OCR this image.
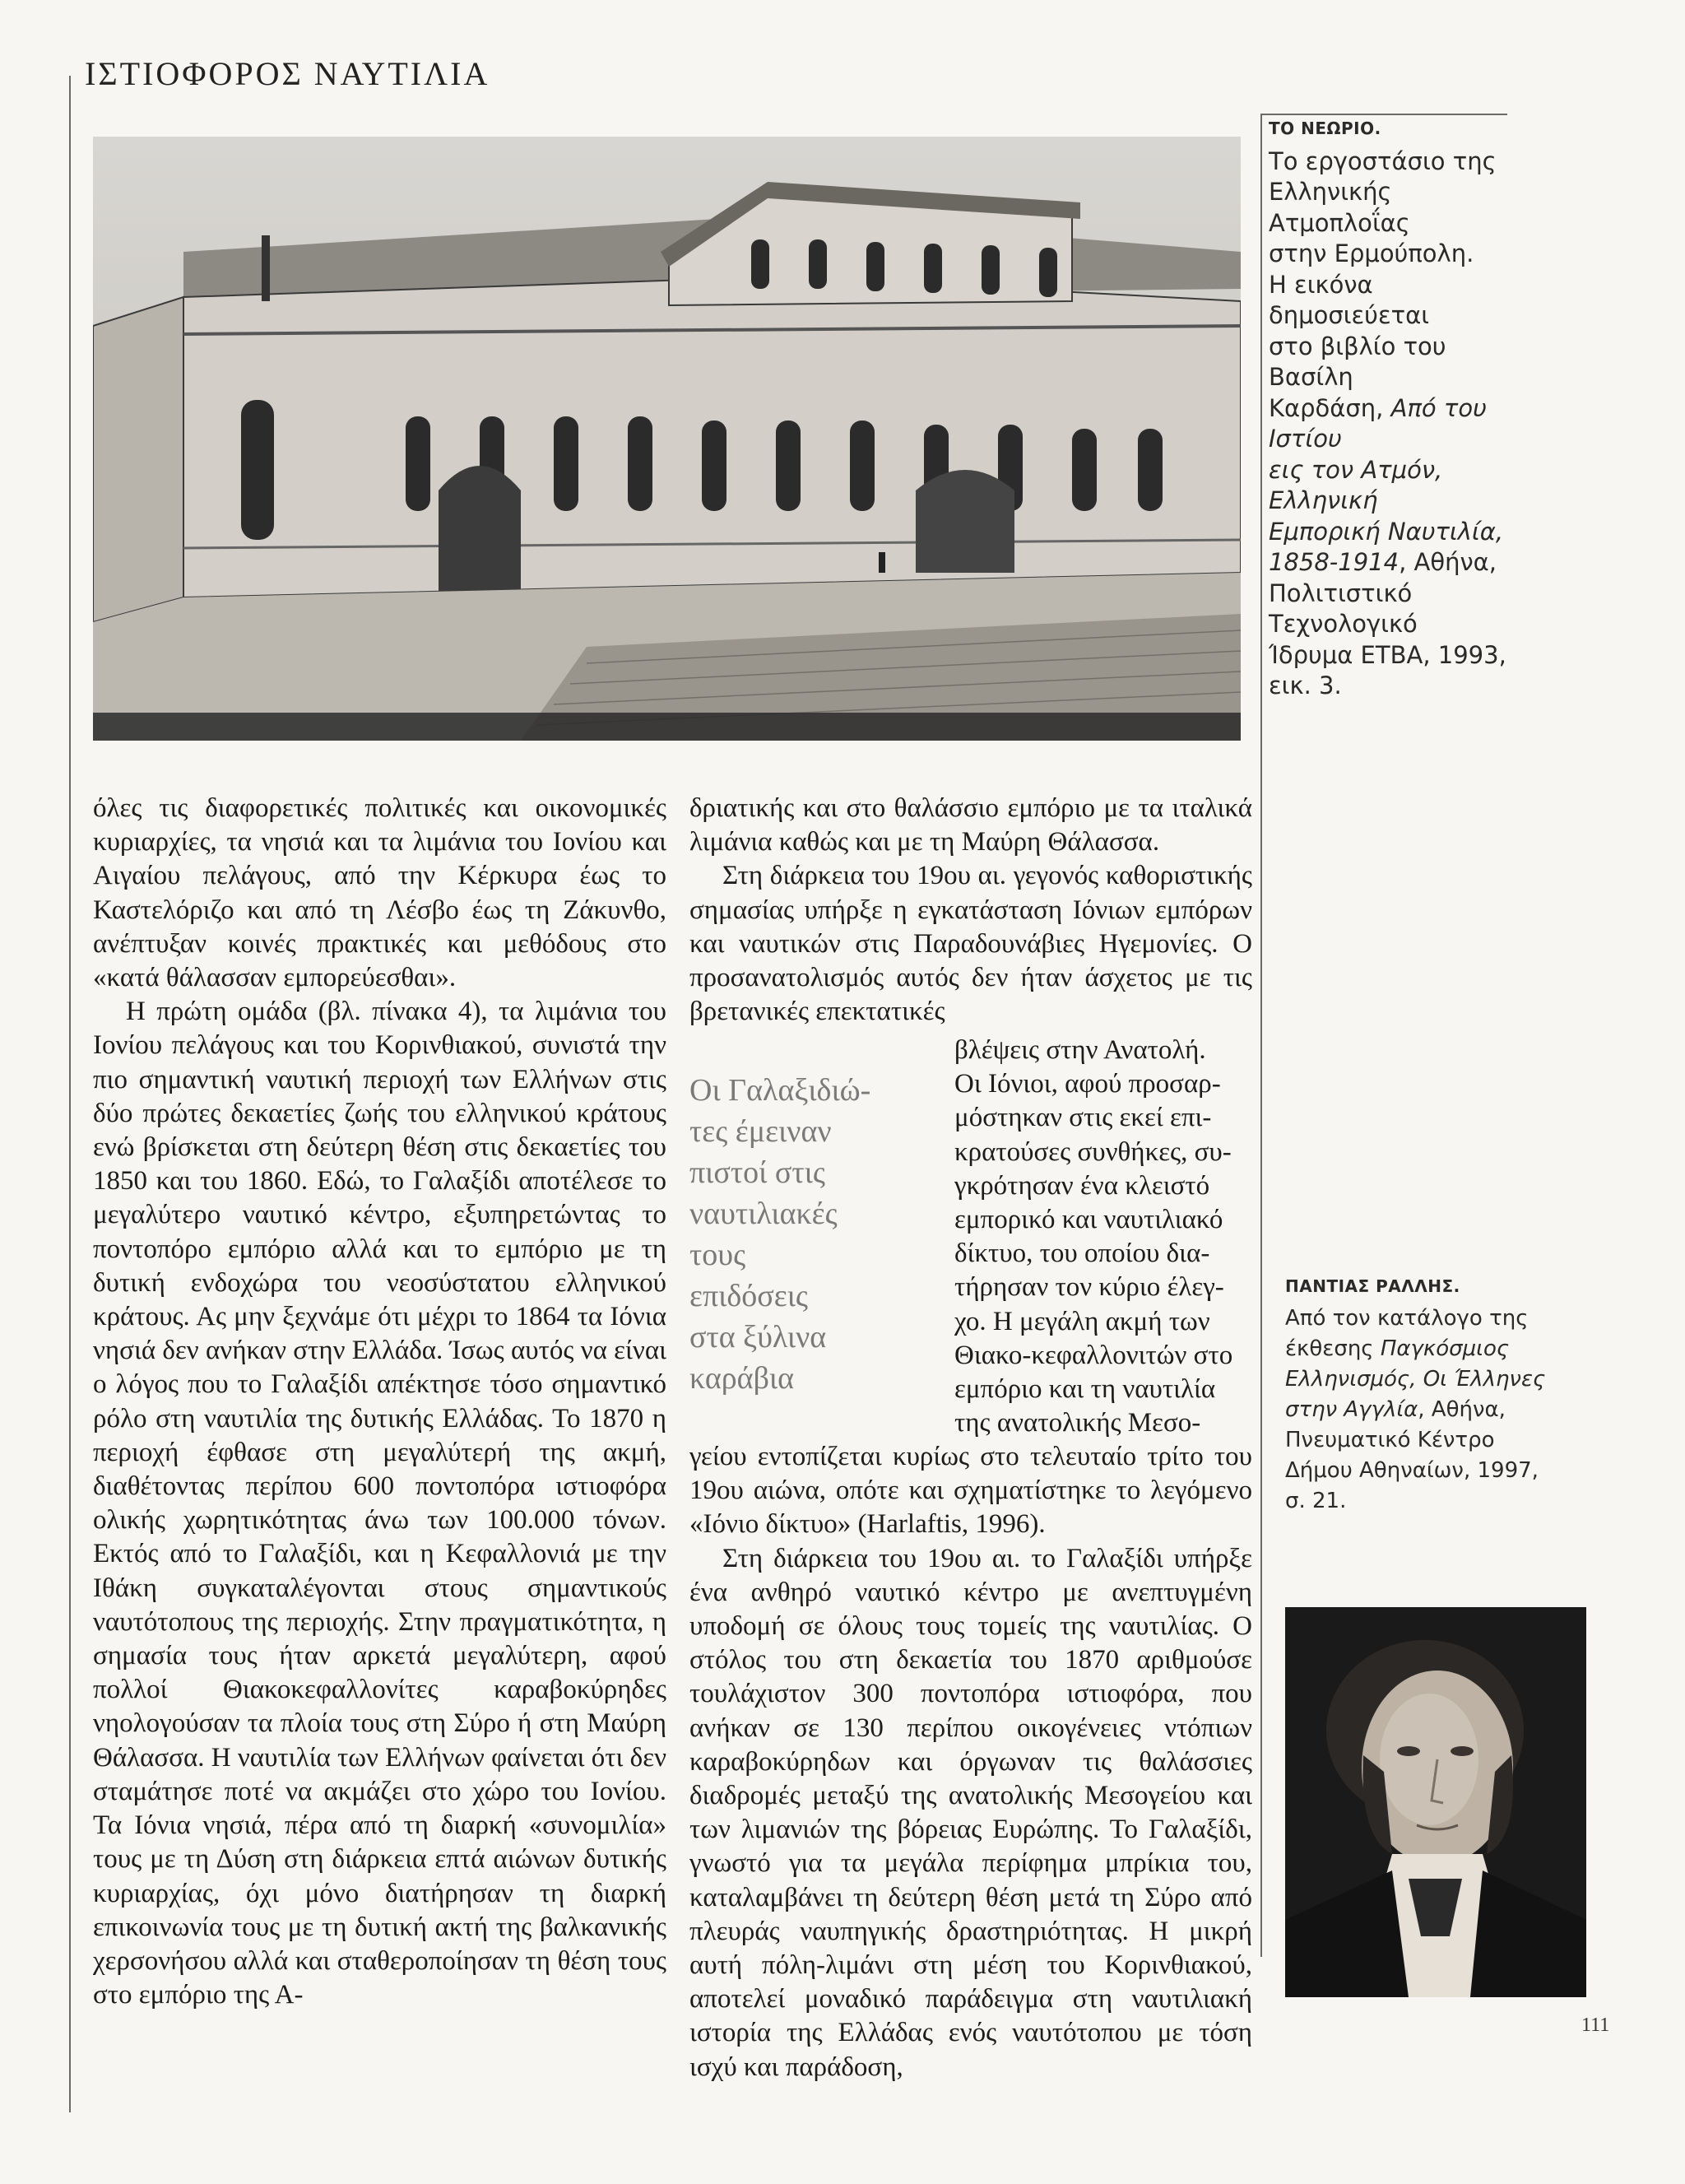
ΙΣΤΙΟΦΟΡΟΣ ΝΑΥΤΙΛΙΑ
ΤΟ ΝΕΩΡΙΟ.
Το εργοστάσιο της
Ελληνικής Ατμοπλοΐας
στην Ερμούπολη.
Η εικόνα δημοσιεύεται
στο βιβλίο του Βασίλη
Καρδάση, Από του Ιστίου
εις τον Ατμόν, Ελληνική
Εμπορική Ναυτιλία,
1858-1914, Αθήνα,
Πολιτιστικό Τεχνολογικό
Ίδρυμα ΕΤΒΑ, 1993,
εικ. 3.

όλες τις διαφορετικές πολιτικές και οικονομικές κυριαρχίες, τα νησιά και τα λιμάνια του Ιονίου και Αιγαίου πελάγους, από την Κέρκυρα έως το Καστελόριζο και από τη Λέσβο έως τη Ζάκυνθο, ανέπτυξαν κοινές πρακτικές και μεθόδους στο «κατά θάλασσαν εμπορεύεσθαι».

Η πρώτη ομάδα (βλ. πίνακα 4), τα λιμάνια του Ιονίου πελάγους και του Κορινθιακού, συνιστά την πιο σημαντική ναυτική περιοχή των Ελλήνων στις δύο πρώτες δεκαετίες ζωής του ελληνικού κράτους ενώ βρίσκεται στη δεύτερη θέση στις δεκαετίες του 1850 και του 1860. Εδώ, το Γαλαξίδι αποτέλεσε το μεγαλύτερο ναυτικό κέντρο, εξυπηρετώντας το ποντοπόρο εμπόριο αλλά και το εμπόριο με τη δυτική ενδοχώρα του νεοσύστατου ελληνικού κράτους. Ας μην ξεχνάμε ότι μέχρι το 1864 τα Ιόνια νησιά δεν ανήκαν στην Ελλάδα. Ίσως αυτός να είναι ο λόγος που το Γαλαξίδι απέκτησε τόσο σημαντικό ρόλο στη ναυτιλία της δυτικής Ελλάδας. Το 1870 η περιοχή έφθασε στη μεγαλύτερή της ακμή, διαθέτοντας περίπου 600 ποντοπόρα ιστιοφόρα ολικής χωρητικότητας άνω των 100.000 τόνων. Εκτός από το Γαλαξίδι, και η Κεφαλλονιά με την Ιθάκη συγκαταλέγονται στους σημαντικούς ναυτότοπους της περιοχής. Στην πραγματικότητα, η σημασία τους ήταν αρκετά μεγαλύτερη, αφού πολλοί Θιακοκεφαλλονίτες καραβοκύρηδες νηολογούσαν τα πλοία τους στη Σύρο ή στη Μαύρη Θάλασσα. Η ναυτιλία των Ελλήνων φαίνεται ότι δεν σταμάτησε ποτέ να ακμάζει στο χώρο του Ιονίου. Τα Ιόνια νησιά, πέρα από τη διαρκή «συνομιλία» τους με τη Δύση στη διάρκεια επτά αιώνων δυτικής κυριαρχίας, όχι μόνο διατήρησαν τη διαρκή επικοινωνία τους με τη δυτική ακτή της βαλκανικής χερσονήσου αλλά και σταθεροποίησαν τη θέση τους στο εμπόριο της Α-

δριατικής και στο θαλάσσιο εμπόριο με τα ιταλικά λιμάνια καθώς και με τη Μαύρη Θάλασσα.

Στη διάρκεια του 19ου αι. γεγονός καθοριστικής σημασίας υπήρξε η εγκατάσταση Ιόνιων εμπόρων και ναυτικών στις Παραδουνάβιες Ηγεμονίες. Ο προσανατολισμός αυτός δεν ήταν άσχετος με τις βρετανικές επεκτατικές

Οι Γαλαξιδιώ-
τες έμειναν
πιστοί στις
ναυτιλιακές
τους
επιδόσεις
στα ξύλινα
καράβια
βλέψεις στην Ανατολή.
Οι Ιόνιοι, αφού προσαρ-
μόστηκαν στις εκεί επι-
κρατούσες συνθήκες, συ-
γκρότησαν ένα κλειστό
εμπορικό και ναυτιλιακό
δίκτυο, του οποίου δια-
τήρησαν τον κύριο έλεγ-
χο. Η μεγάλη ακμή των
Θιακο-κεφαλλονιτών στο
εμπόριο και τη ναυτιλία
της ανατολικής Μεσο-

γείου εντοπίζεται κυρίως στο τελευταίο τρίτο του 19ου αιώνα, οπότε και σχηματίστηκε το λεγόμενο «Ιόνιο δίκτυο» (Harlaftis, 1996).

Στη διάρκεια του 19ου αι. το Γαλαξίδι υπήρξε ένα ανθηρό ναυτικό κέντρο με ανεπτυγμένη υποδομή σε όλους τους τομείς της ναυτιλίας. Ο στόλος του στη δεκαετία του 1870 αριθμούσε τουλάχιστον 300 ποντοπόρα ιστιοφόρα, που ανήκαν σε 130 περίπου οικογένειες ντόπιων καραβοκύρηδων και όργωναν τις θαλάσσιες διαδρομές μεταξύ της ανατολικής Μεσογείου και των λιμανιών της βόρειας Ευρώπης. Το Γαλαξίδι, γνωστό για τα μεγάλα περίφημα μπρίκια του, καταλαμβάνει τη δεύτερη θέση μετά τη Σύρο από πλευράς ναυπηγικής δραστηριότητας. Η μικρή αυτή πόλη-λιμάνι στη μέση του Κορινθιακού, αποτελεί μοναδικό παράδειγμα στη ναυτιλιακή ιστορία της Ελλάδας ενός ναυτότοπου με τόση ισχύ και παράδοση,

ΠΑΝΤΙΑΣ ΡΑΛΛΗΣ.
Από τον κατάλογο της
έκθεσης Παγκόσμιος
Ελληνισμός, Οι Έλληνες
στην Αγγλία, Αθήνα,
Πνευματικό Κέντρο
Δήμου Αθηναίων, 1997,
σ. 21.
111
